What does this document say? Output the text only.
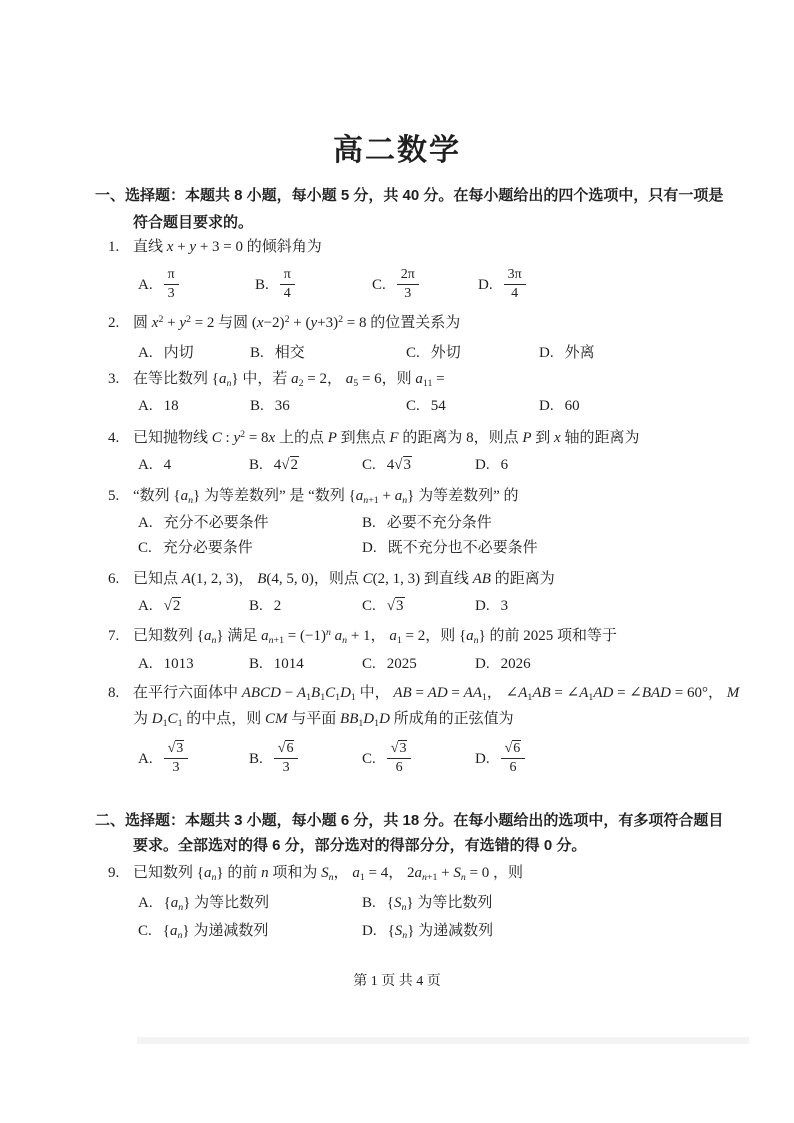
高二数学
一、选择题：本题共 8 小题，每小题 5 分，共 40 分。在每小题给出的四个选项中，只有一项是
符合题目要求的。
1. 直线 x + y + 3 = 0 的倾斜角为
A. $\frac{\pi}{3}$	B. $\frac{\pi}{4}$	C. $\frac{2\pi}{3}$	D. $\frac{3\pi}{4}$
2. 圆 $x^2 + y^2 = 2$ 与圆 $(x-2)^2 + (y+3)^2 = 8$ 的位置关系为
A. 内切	B. 相交	C. 外切	D. 外离
3. 在等比数列 $\{a_n\}$ 中，若 $a_2 = 2$， $a_5 = 6$，则 $a_{11}$ =
A. 18	B. 36	C. 54	D. 60
4. 已知抛物线 C : $y^2 = 8x$ 上的点 P 到焦点 F 的距离为 8，则点 P 到 x 轴的距离为
A. 4	B. 4√2	C. 4√3	D. 6
5. “数列 $\{a_n\}$ 为等差数列” 是 “数列 $\{a_{n+1} + a_n\}$ 为等差数列” 的
A. 充分不必要条件	B. 必要不充分条件
C. 充分必要条件	D. 既不充分也不必要条件
6. 已知点 A(1, 2, 3)， B(4, 5, 0)，则点 C(2, 1, 3) 到直线 AB 的距离为
A. √2	B. 2	C. √3	D. 3
7. 已知数列 $\{a_n\}$ 满足 $a_{n+1} = (-1)^n$ $a_n + 1$， $a_1 = 2$，则 $\{a_n\}$ 的前 2025 项和等于
A. 1013	B. 1014	C. 2025	D. 2026
8. 在平行六面体中 ABCD − $A_1B_1C_1D_1$ 中， AB = AD = $AA_1$， $\angle A_1AB$ = $\angle A_1AD$ = ∠BAD = 60°， M
为 $D_1C_1$ 的中点，则 CM 与平面 $BB_1D_1D$ 所成角的正弦值为
A. $\frac{√3}{3}$	B. $\frac{√6}{3}$	C. $\frac{√3}{6}$	D. $\frac{√6}{6}$
二、选择题：本题共 3 小题，每小题 6 分，共 18 分。在每小题给出的选项中，有多项符合题目
要求。全部选对的得 6 分，部分选对的得部分分，有选错的得 0 分。
9. 已知数列 $\{a_n\}$ 的前 n 项和为 $S_n$， $a_1 = 4$， $2a_{n+1} + S_n = 0$ ，则
A. $\{a_n\}$ 为等比数列	B. $\{S_n\}$ 为等比数列
C. $\{a_n\}$ 为递减数列	D. $\{S_n\}$ 为递减数列
第 1 页 共 4 页
